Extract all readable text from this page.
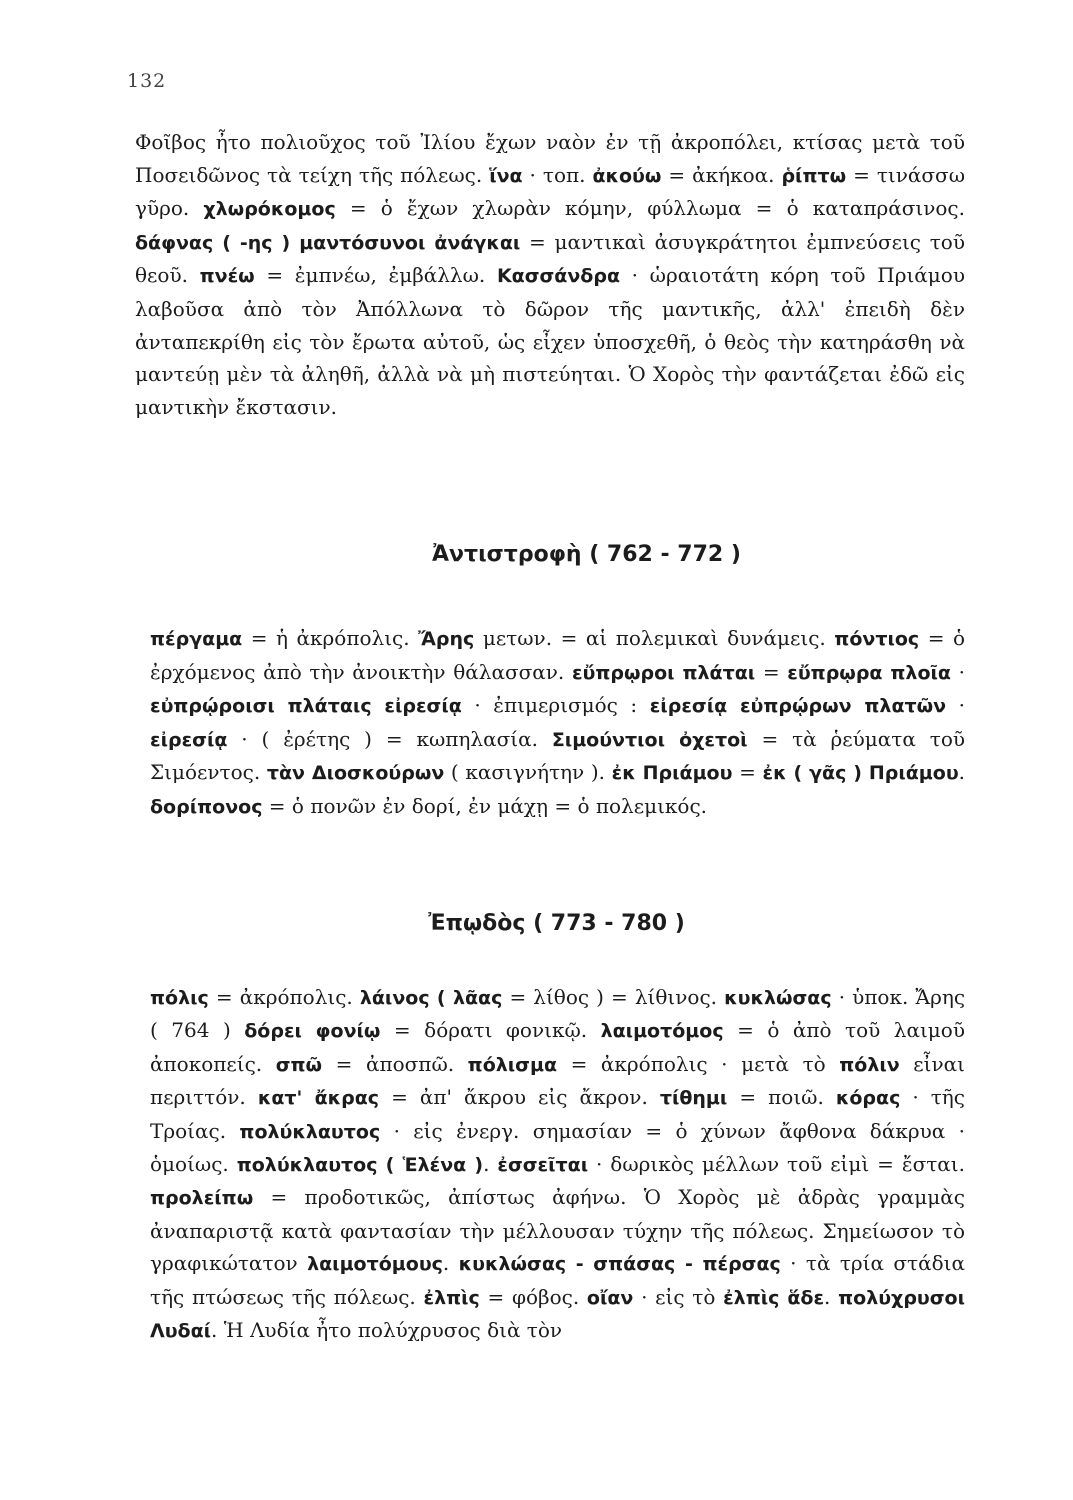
132

Φοῖβος ἦτο πολιοῦχος τοῦ Ἰλίου ἔχων ναὸν ἐν τῇ ἀκροπόλει, κτίσας μετὰ τοῦ Ποσειδῶνος τὰ τείχη τῆς πόλεως. ἵνα · τοπ. ἀκούω = ἀκήκοα. ῥίπτω = τινάσσω γῦρο. χλωρόκομος = ὁ ἔχων χλωρὰν κόμην, φύλλωμα = ὁ καταπράσινος. δάφνας ( -ης ) μαντόσυνοι ἀνάγκαι = μαντικαὶ ἀσυγκράτητοι ἐμπνεύσεις τοῦ θεοῦ. πνέω = ἐμπνέω, ἐμβάλλω. Κασσάνδρα · ὡραιοτάτη κόρη τοῦ Πριάμου λαβοῦσα ἀπὸ τὸν Ἀπόλλωνα τὸ δῶρον τῆς μαντικῆς, ἀλλ' ἐπειδὴ δὲν ἀνταπεκρίθη εἰς τὸν ἔρωτα αὐτοῦ, ὡς εἶχεν ὑποσχεθῆ, ὁ θεὸς τὴν κατηράσθη νὰ μαντεύῃ μὲν τὰ ἀληθῆ, ἀλλὰ νὰ μὴ πιστεύηται. Ὁ Χορὸς τὴν φαντάζεται ἐδῶ εἰς μαντικὴν ἔκστασιν.

Ἀντιστροφὴ ( 762 - 772 )

πέργαμα = ἡ ἀκρόπολις. Ἄρης μετων. = αἱ πολεμικαὶ δυνάμεις. πόντιος = ὁ ἐρχόμενος ἀπὸ τὴν ἀνοικτὴν θάλασσαν. εὔπρῳροι πλάται = εὔπρῳρα πλοῖα · εὐπρῴροισι πλάταις εἰρεσίᾳ · ἐπιμερισμός : εἰρεσίᾳ εὐπρῴρων πλατῶν · εἰρεσίᾳ · ( ἐρέτης ) = κωπηλασία. Σιμούντιοι ὀχετοὶ = τὰ ῥεύματα τοῦ Σιμόεντος. τὰν Διοσκούρων ( κασιγνήτην ). ἐκ Πριάμου = ἐκ ( γᾶς ) Πριάμου. δορίπονος = ὁ πονῶν ἐν δορί, ἐν μάχῃ = ὁ πολεμικός.

Ἐπῳδὸς ( 773 - 780 )

πόλις = ἀκρόπολις. λάινος ( λᾶας = λίθος ) = λίθινος. κυκλώσας · ὑποκ. Ἄρης ( 764 ) δόρει φονίῳ = δόρατι φονικῷ. λαιμοτόμος = ὁ ἀπὸ τοῦ λαιμοῦ ἀποκοπείς. σπῶ = ἀποσπῶ. πόλισμα = ἀκρόπολις · μετὰ τὸ πόλιν εἶναι περιττόν. κατ' ἄκρας = ἀπ' ἄκρου εἰς ἄκρον. τίθημι = ποιῶ. κόρας · τῆς Τροίας. πολύκλαυτος · εἰς ἐνεργ. σημασίαν = ὁ χύνων ἄφθονα δάκρυα · ὁμοίως. πολύκλαυτος ( Ἑλένα ). ἐσσεῖται · δωρικὸς μέλλων τοῦ εἰμὶ = ἔσται. προλείπω = προδοτικῶς, ἀπίστως ἀφήνω. Ὁ Χορὸς μὲ ἀδρὰς γραμμὰς ἀναπαριστᾷ κατὰ φαντασίαν τὴν μέλλουσαν τύχην τῆς πόλεως. Σημείωσον τὸ γραφικώτατον λαιμοτόμους. κυκλώσας - σπάσας - πέρσας · τὰ τρία στάδια τῆς πτώσεως τῆς πόλεως. ἐλπὶς = φόβος. οἴαν · εἰς τὸ ἐλπὶς ἅδε. πολύχρυσοι Λυδαί. Ἡ Λυδία ἦτο πολύχρυσος διὰ τὸν
